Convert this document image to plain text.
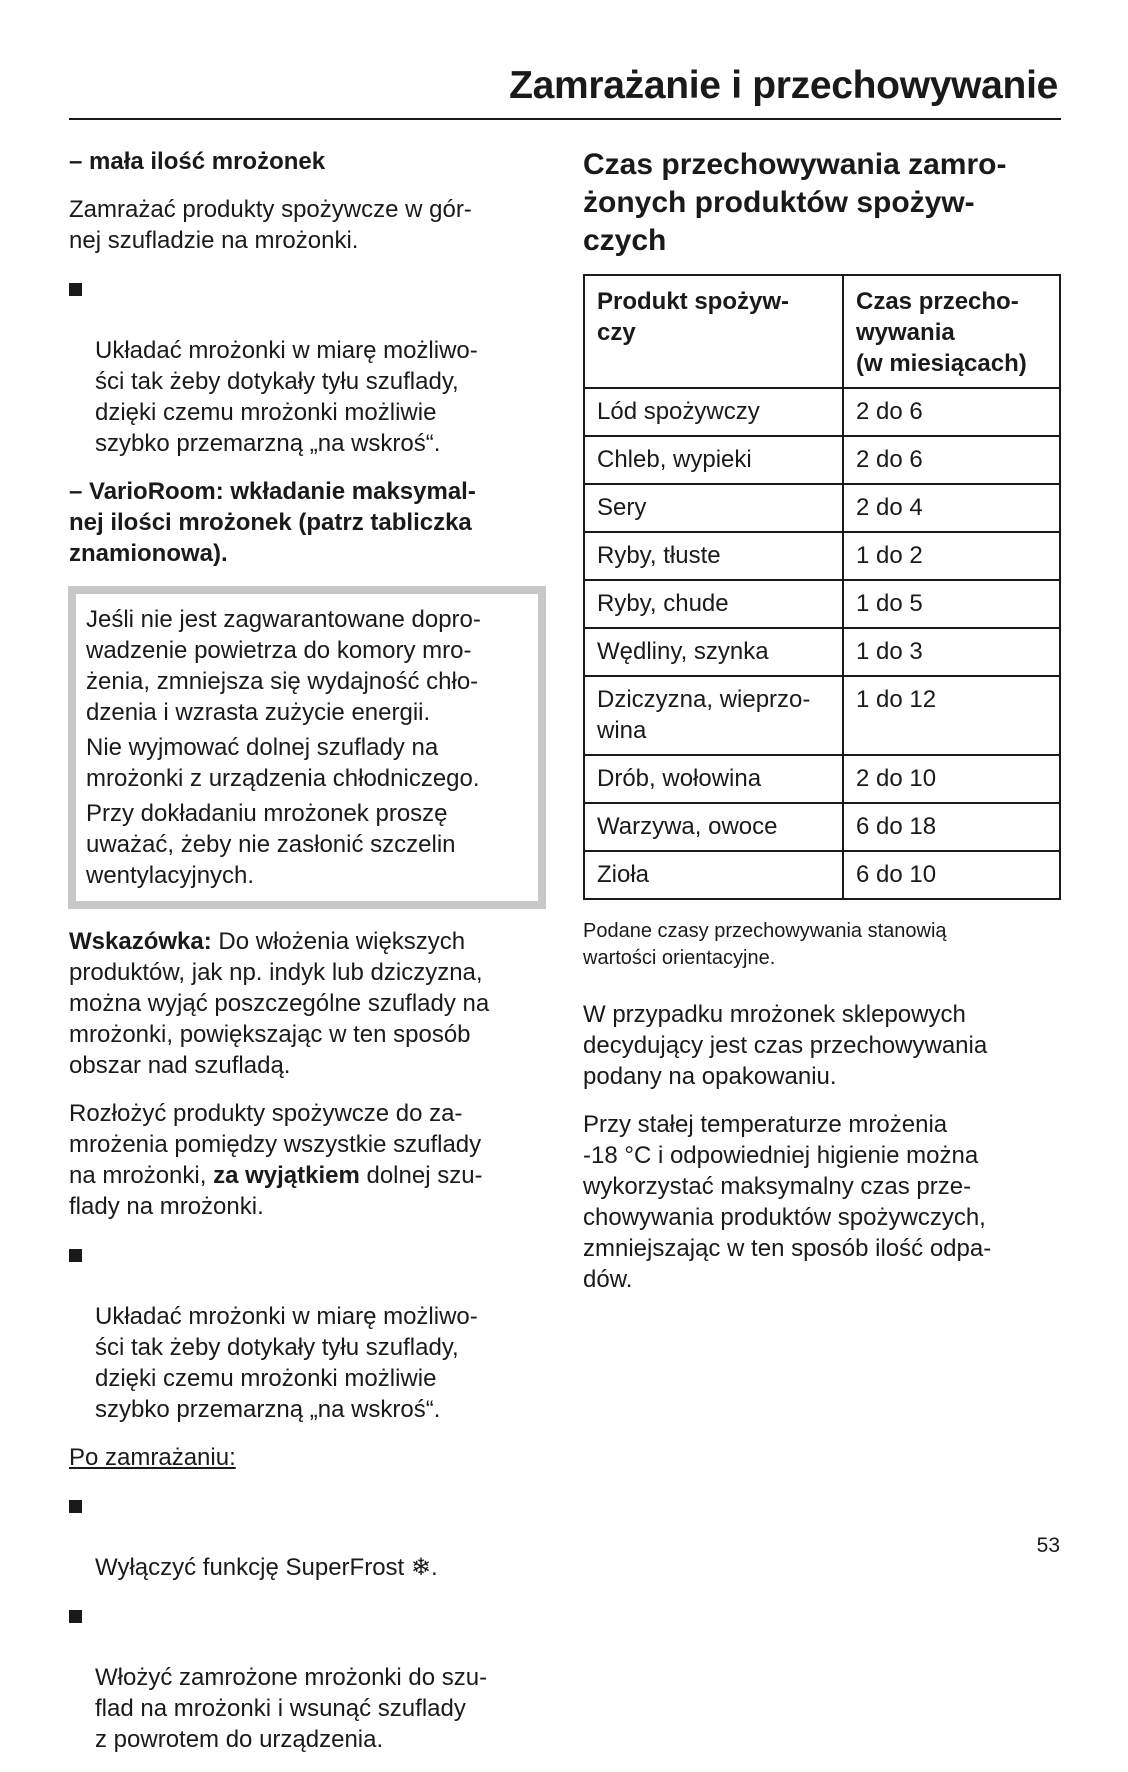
Zamrażanie i przechowywanie
– mała ilość mrożonek

Zamrażać produkty spożywcze w gór-
nej szufladzie na mrożonki.

Układać mrożonki w miarę możliwo-
ści tak żeby dotykały tyłu szuflady,
dzięki czemu mrożonki możliwie
szybko przemarzną „na wskroś“.

– VarioRoom: wkładanie maksymal-
nej ilości mrożonek (patrz tabliczka
znamionowa).

Jeśli nie jest zagwarantowane dopro-
wadzenie powietrza do komory mro-
żenia, zmniejsza się wydajność chło-
dzenia i wzrasta zużycie energii.

Nie wyjmować dolnej szuflady na
mrożonki z urządzenia chłodniczego.

Przy dokładaniu mrożonek proszę
uważać, żeby nie zasłonić szczelin
wentylacyjnych.

Wskazówka: Do włożenia większych
produktów, jak np. indyk lub dziczyzna,
można wyjąć poszczególne szuflady na
mrożonki, powiększając w ten sposób
obszar nad szufladą.

Rozłożyć produkty spożywcze do za-
mrożenia pomiędzy wszystkie szuflady
na mrożonki, za wyjątkiem dolnej szu-
flady na mrożonki.

Układać mrożonki w miarę możliwo-
ści tak żeby dotykały tyłu szuflady,
dzięki czemu mrożonki możliwie
szybko przemarzną „na wskroś“.

Po zamrażaniu:

Wyłączyć funkcję SuperFrost ❄.

Włożyć zamrożone mrożonki do szu-
flad na mrożonki i wsunąć szuflady
z powrotem do urządzenia.

Czas przechowywania zamro-
żonych produktów spożyw-
czych
Produkt spożyw-
czy	Czas przecho-
wywania
(w miesiącach)
Lód spożywczy	2 do 6
Chleb, wypieki	2 do 6
Sery	2 do 4
Ryby, tłuste	1 do 2
Ryby, chude	1 do 5
Wędliny, szynka	1 do 3
Dziczyzna, wieprzo-
wina	1 do 12
Drób, wołowina	2 do 10
Warzywa, owoce	6 do 18
Zioła	6 do 10
Podane czasy przechowywania stanowią
wartości orientacyjne.

W przypadku mrożonek sklepowych
decydujący jest czas przechowywania
podany na opakowaniu.

Przy stałej temperaturze mrożenia
-18 °C i odpowiedniej higienie można
wykorzystać maksymalny czas prze-
chowywania produktów spożywczych,
zmniejszając w ten sposób ilość odpa-
dów.

53
